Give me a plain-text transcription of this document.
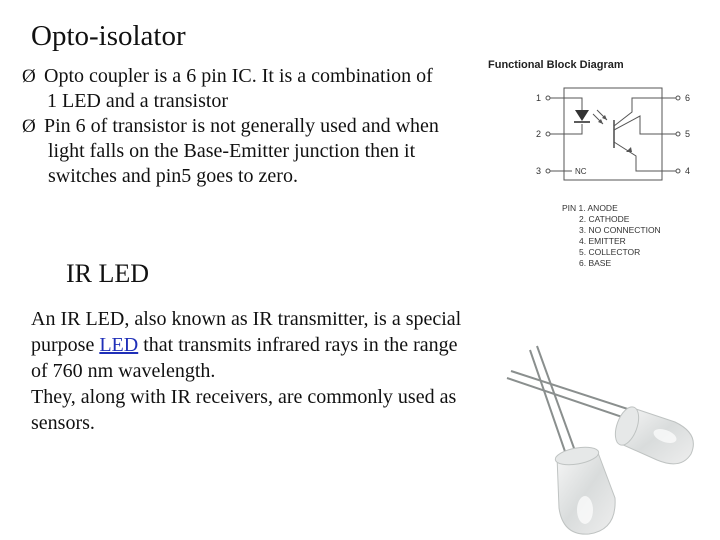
Opto-isolator
Ø Opto coupler is a 6 pin IC. It is a combination of
1 LED and a transistor
Ø Pin 6 of transistor is not generally used and when
light falls on the Base-Emitter junction then it
switches and pin5 goes to zero.
IR LED
An IR LED, also known as IR transmitter, is a special
purpose LED that transmits infrared rays in the range
of 760 nm wavelength.
They, along with IR receivers, are commonly used as
sensors.
Functional Block Diagram
1
2
3
6
5
4
NC
PIN 1. ANODE
2. CATHODE
3. NO CONNECTION
4. EMITTER
5. COLLECTOR
6. BASE
